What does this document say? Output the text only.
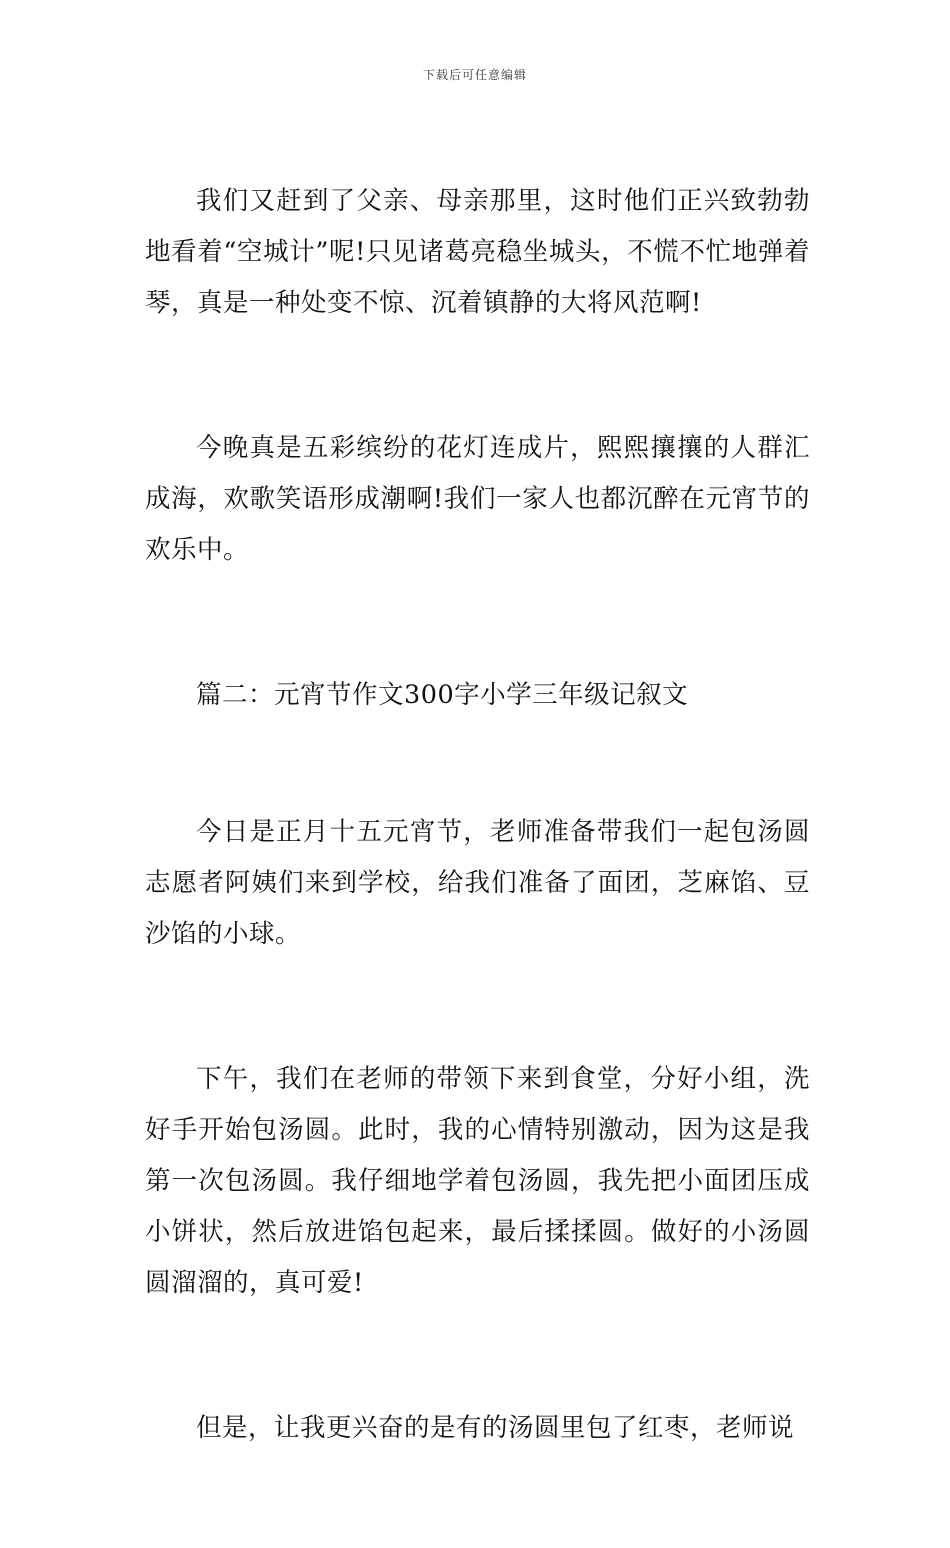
下载后可任意编辑

我们又赶到了父亲、母亲那里，这时他们正兴致勃勃地看着“空城计”呢!只见诸葛亮稳坐城头，不慌不忙地弹着琴，真是一种处变不惊、沉着镇静的大将风范啊!

今晚真是五彩缤纷的花灯连成片，熙熙攘攘的人群汇成海，欢歌笑语形成潮啊!我们一家人也都沉醉在元宵节的欢乐中。

篇二：元宵节作文300字小学三年级记叙文

今日是正月十五元宵节，老师准备带我们一起包汤圆志愿者阿姨们来到学校，给我们准备了面团，芝麻馅、豆沙馅的小球。

下午，我们在老师的带领下来到食堂，分好小组，洗好手开始包汤圆。此时，我的心情特别激动，因为这是我第一次包汤圆。我仔细地学着包汤圆，我先把小面团压成小饼状，然后放进馅包起来，最后揉揉圆。做好的小汤圆圆溜溜的，真可爱!

但是，让我更兴奋的是有的汤圆里包了红枣，老师说
